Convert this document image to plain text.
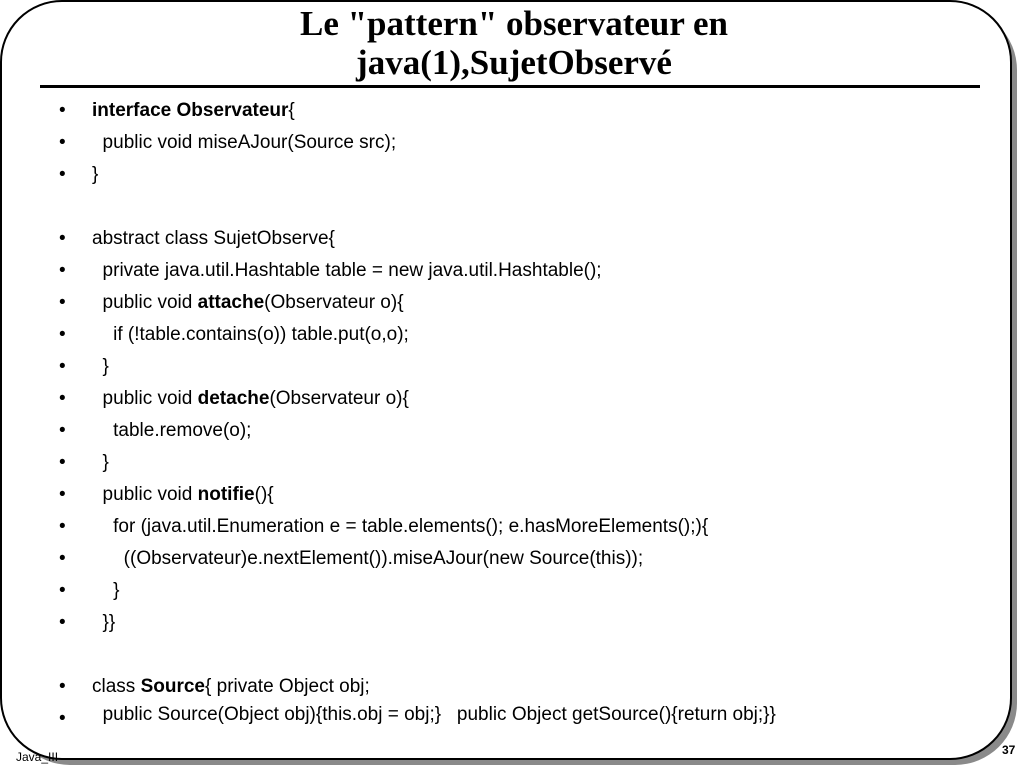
Le "pattern" observateur en
java(1),SujetObservé
• interface Observateur{
• public void miseAJour(Source src);
• }
• abstract class SujetObserve{
• private java.util.Hashtable table = new java.util.Hashtable();
• public void attache(Observateur o){
• if (!table.contains(o)) table.put(o,o);
• }
• public void detache(Observateur o){
• table.remove(o);
• }
• public void notifie(){
• for (java.util.Enumeration e = table.elements(); e.hasMoreElements();){
• ((Observateur)e.nextElement()).miseAJour(new Source(this));
• }
• }}
• class Source{ private Object obj;
• public Source(Object obj){this.obj = obj;}   public Object getSource(){return obj;}}
Java_III	37
